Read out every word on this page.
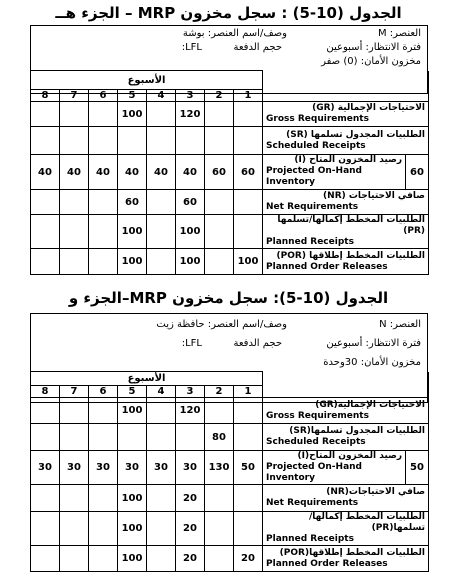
الجدول (10-5) : سجل مخزون MRP – الجزء هــ
العنصر: M
وصف/اسم العنصر: بوشة
فترة الانتظار: أسبوعين
حجم الدفعة
LFL:
مخزون الأمان: (0) صفر
الأسبوع								
8	7	6	5	4	3	2	1	
			100		120			الاحتياجات الإجمالية (GR)
Gross Requirements

								الطلبيات المجدول تسلمها (SR)
Scheduled Receipts

40	40	40	40	40	40	60	60	رصيد المخزون المتاح (I)
Projected On-Hand Inventory
60

			60		60			صافي الاحتياجات (NR)
Net Requirements

			100		100			الطلبيات المخطط إكمالها/تسلمها (PR)
Planned Receipts

			100		100		100	الطلبيات المخطط إطلاقها (POR)
Planned Order Releases
الجدول (10-5): سجل مخزون MRP–الجزء و
العنصر: N
وصف/اسم العنصر: حافظة زيت
فترة الانتظار: أسبوعين
حجم الدفعة
LFL:
مخزون الأمان: 30وحدة
الأسبوع								
8	7	6	5	4	3	2	1	
			100		120			الاحتياجات الإجمالية(GR)
Gross Requirements

						80		الطلبيات المجدول تسلمها(SR)
Scheduled Receipts

30	30	30	30	30	30	130	50	رصيد المخزون المتاح(I)
Projected On-Hand Inventory
50

			100		20			صافي الاحتياجات(NR)
Net Requirements

			100		20			الطلبيات المخطط إكمالها/تسلمها(PR)
Planned Receipts

			100		20		20	الطلبيات المخطط إطلاقها(POR)
Planned Order Releases
